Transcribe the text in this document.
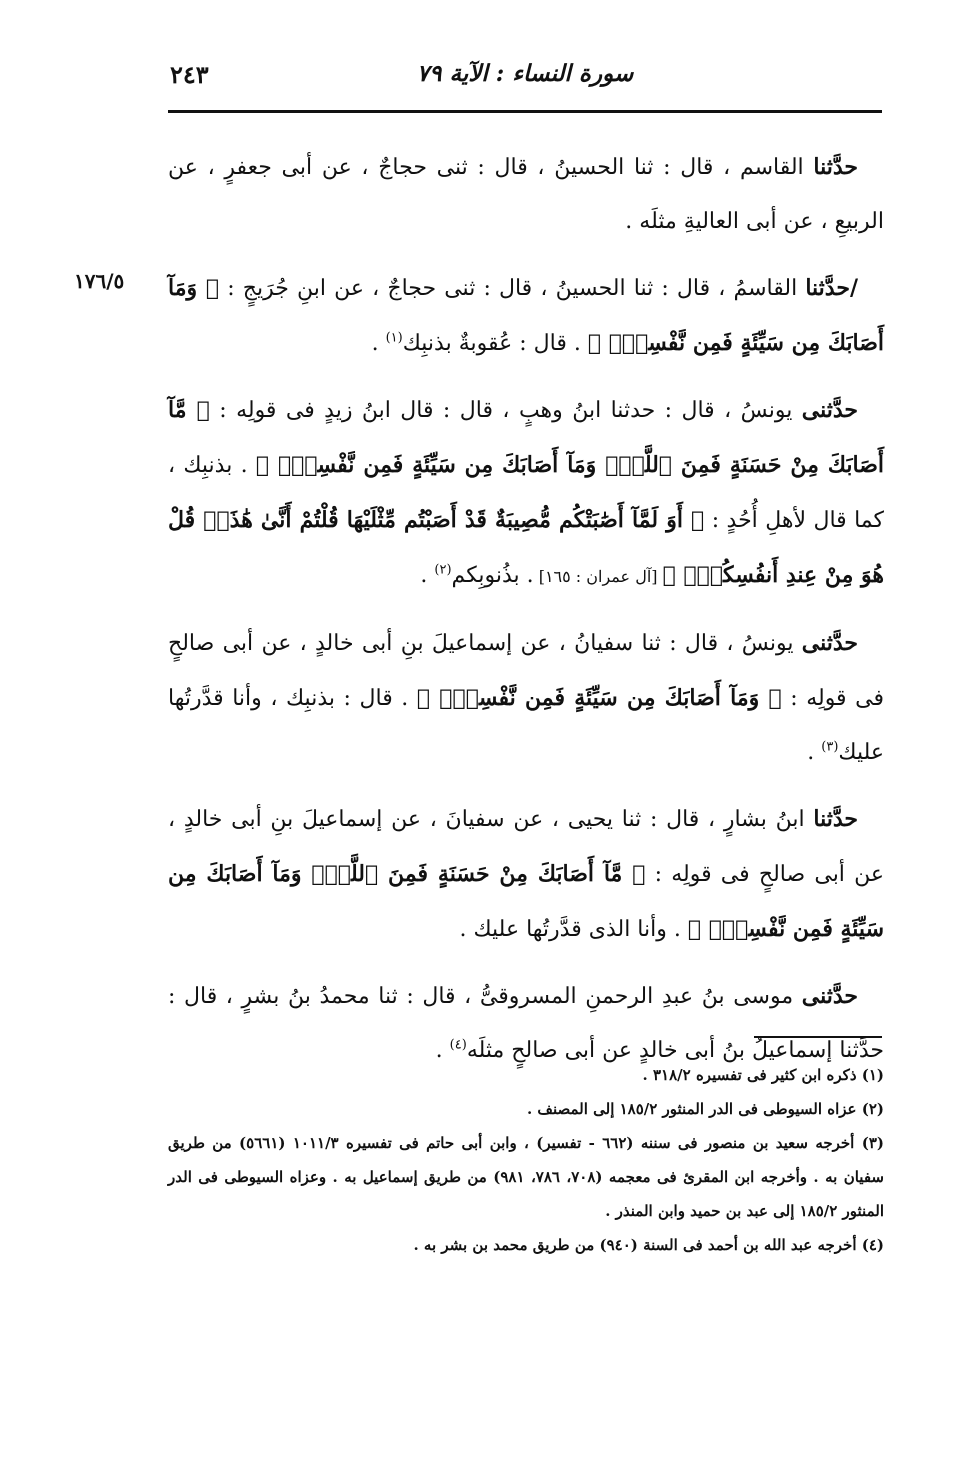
٢٤٣	سورة النساء : الآية ٧٩
١٧٦/٥

حدَّثنا القاسم ، قال : ثنا الحسينُ ، قال : ثنى حجاجٌ ، عن أبى جعفرٍ ، عن الربيعِ ، عن أبى العاليةِ مثلَه .

/حدَّثنا القاسمُ ، قال : ثنا الحسينُ ، قال : ثنى حجاجٌ ، عن ابنِ جُرَيجٍ : ﴿ وَمَآ أَصَابَكَ مِن سَيِّئَةٍ فَمِن نَّفْسِكَۚ ﴾ . قال : عُقوبةٌ بذنبِك$^{(١)}$ .

حدَّثنى يونسُ ، قال : حدثنا ابنُ وهبٍ ، قال : قال ابنُ زيدٍ فى قولِه : ﴿ مَّآ أَصَابَكَ مِنْ حَسَنَةٍ فَمِنَ ٱللَّهِۖ وَمَآ أَصَابَكَ مِن سَيِّئَةٍ فَمِن نَّفْسِكَۚ ﴾ . بذنبِك ، كما قال لأهلِ أُحُدٍ : ﴿ أَوَ لَمَّآ أَصَٰبَتْكُم مُّصِيبَةٌ قَدْ أَصَبْتُم مِّثْلَيْهَا قُلْتُمْ أَنَّىٰ هَٰذَاۖ قُلْ هُوَ مِنْ عِندِ أَنفُسِكُمْۗ ﴾ [آل عمران : ١٦٥] . بذُنوبِكم$^{(٢)}$ .

حدَّثنى يونسُ ، قال : ثنا سفيانُ ، عن إسماعيلَ بنِ أبى خالدٍ ، عن أبى صالحٍ فى قولِه : ﴿ وَمَآ أَصَابَكَ مِن سَيِّئَةٍ فَمِن نَّفْسِكَۚ ﴾ . قال : بذنبِك ، وأنا قدَّرتُها عليك$^{(٣)}$ .

حدَّثنا ابنُ بشارٍ ، قال : ثنا يحيى ، عن سفيانَ ، عن إسماعيلَ بنِ أبى خالدٍ ، عن أبى صالحٍ فى قولِه : ﴿ مَّآ أَصَابَكَ مِنْ حَسَنَةٍ فَمِنَ ٱللَّهِۖ وَمَآ أَصَابَكَ مِن سَيِّئَةٍ فَمِن نَّفْسِكَۚ ﴾ . وأنا الذى قدَّرتُها عليك .

حدَّثنى موسى بنُ عبدِ الرحمنِ المسروقىُّ ، قال : ثنا محمدُ بنُ بشرٍ ، قال : حدَّثنا إسماعيلُ بنُ أبى خالدٍ عن أبى صالحٍ مثلَه$^{(٤)}$ .

(١) ذكره ابن كثير فى تفسيره ٣١٨/٢ .

(٢) عزاه السيوطى فى الدر المنثور ١٨٥/٢ إلى المصنف .

(٣) أخرجه سعيد بن منصور فى سننه (٦٦٢ - تفسير) ، وابن أبى حاتم فى تفسيره ١٠١١/٣ (٥٦٦١) من طريق سفيان به . وأخرجه ابن المقرئ فى معجمه (٧٠٨، ٧٨٦، ٩٨١) من طريق إسماعيل به . وعزاه السيوطى فى الدر المنثور ١٨٥/٢ إلى عبد بن حميد وابن المنذر .

(٤) أخرجه عبد الله بن أحمد فى السنة (٩٤٠) من طريق محمد بن بشر به .
